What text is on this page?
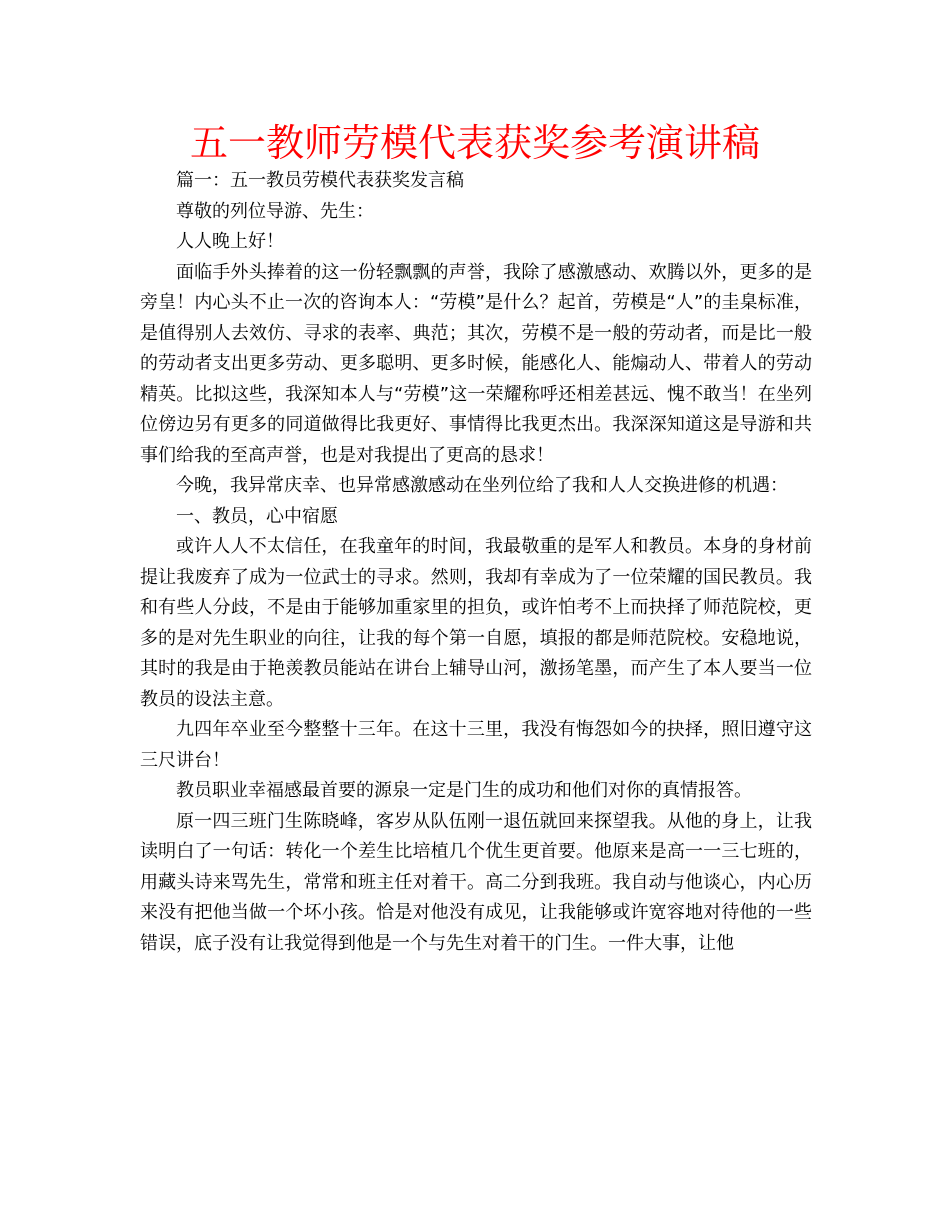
五一教师劳模代表获奖参考演讲稿

篇一：五一教员劳模代表获奖发言稿

尊敬的列位导游、先生：

人人晚上好！

面临手外头捧着的这一份轻飘飘的声誉，我除了感激感动、欢腾以外，更多的是旁皇！内心头不止一次的咨询本人：“劳模”是什么？起首，劳模是“人”的圭臬标准，是值得别人去效仿、寻求的表率、典范；其次，劳模不是一般的劳动者，而是比一般的劳动者支出更多劳动、更多聪明、更多时候，能感化人、能煽动人、带着人的劳动精英。比拟这些，我深知本人与“劳模”这一荣耀称呼还相差甚远、愧不敢当！在坐列位傍边另有更多的同道做得比我更好、事情得比我更杰出。我深深知道这是导游和共事们给我的至高声誉，也是对我提出了更高的恳求！

今晚，我异常庆幸、也异常感激感动在坐列位给了我和人人交换进修的机遇：

一、教员，心中宿愿

或许人人不太信任，在我童年的时间，我最敬重的是军人和教员。本身的身材前提让我废弃了成为一位武士的寻求。然则，我却有幸成为了一位荣耀的国民教员。我和有些人分歧，不是由于能够加重家里的担负，或许怕考不上而抉择了师范院校，更多的是对先生职业的向往，让我的每个第一自愿，填报的都是师范院校。安稳地说，其时的我是由于艳羡教员能站在讲台上辅导山河，激扬笔墨，而产生了本人要当一位教员的设法主意。

九四年卒业至今整整十三年。在这十三里，我没有悔怨如今的抉择，照旧遵守这三尺讲台！

教员职业幸福感最首要的源泉一定是门生的成功和他们对你的真情报答。

原一四三班门生陈晓峰，客岁从队伍刚一退伍就回来探望我。从他的身上，让我读明白了一句话：转化一个差生比培植几个优生更首要。他原来是高一一三七班的，用藏头诗来骂先生，常常和班主任对着干。高二分到我班。我自动与他谈心，内心历来没有把他当做一个坏小孩。恰是对他没有成见，让我能够或许宽容地对待他的一些错误，底子没有让我觉得到他是一个与先生对着干的门生。一件大事，让他
